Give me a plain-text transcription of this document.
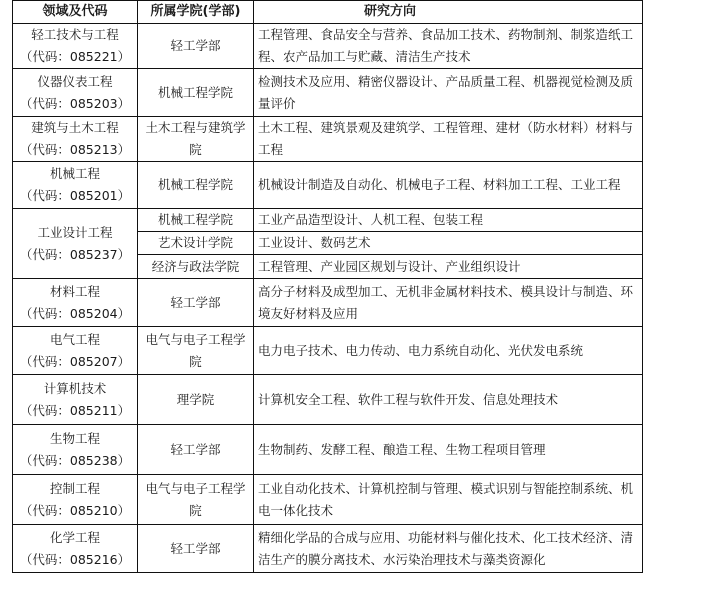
领域及代码	所属学院(学部)	研究方向

轻工技术与工程
（代码：085221）	轻工学部	工程管理、食品安全与营养、食品加工技术、药物制剂、制浆造纸工程、农产品加工与贮藏、清洁生产技术

仪器仪表工程
（代码：085203）	机械工程学院	检测技术及应用、精密仪器设计、产品质量工程、机器视觉检测及质量评价

建筑与土木工程
（代码：085213）	土木工程与建筑学院	土木工程、建筑景观及建筑学、工程管理、建材（防水材料）材料与工程

机械工程
（代码：085201）	机械工程学院	机械设计制造及自动化、机械电子工程、材料加工工程、工业工程

工业设计工程
（代码：085237）	机械工程学院	工业产品造型设计、人机工程、包装工程
	艺术设计学院	工业设计、数码艺术
	经济与政法学院	工程管理、产业园区规划与设计、产业组织设计

材料工程
（代码：085204）	轻工学部	高分子材料及成型加工、无机非金属材料技术、模具设计与制造、环境友好材料及应用

电气工程
（代码：085207）	电气与电子工程学院	电力电子技术、电力传动、电力系统自动化、光伏发电系统

计算机技术
（代码：085211）	理学院	计算机安全工程、软件工程与软件开发、信息处理技术

生物工程
（代码：085238）	轻工学部	生物制药、发酵工程、酿造工程、生物工程项目管理

控制工程
（代码：085210）	电气与电子工程学院	工业自动化技术、计算机控制与管理、模式识别与智能控制系统、机电一体化技术

化学工程
（代码：085216）	轻工学部	精细化学品的合成与应用、功能材料与催化技术、化工技术经济、清洁生产的膜分离技术、水污染治理技术与藻类资源化
